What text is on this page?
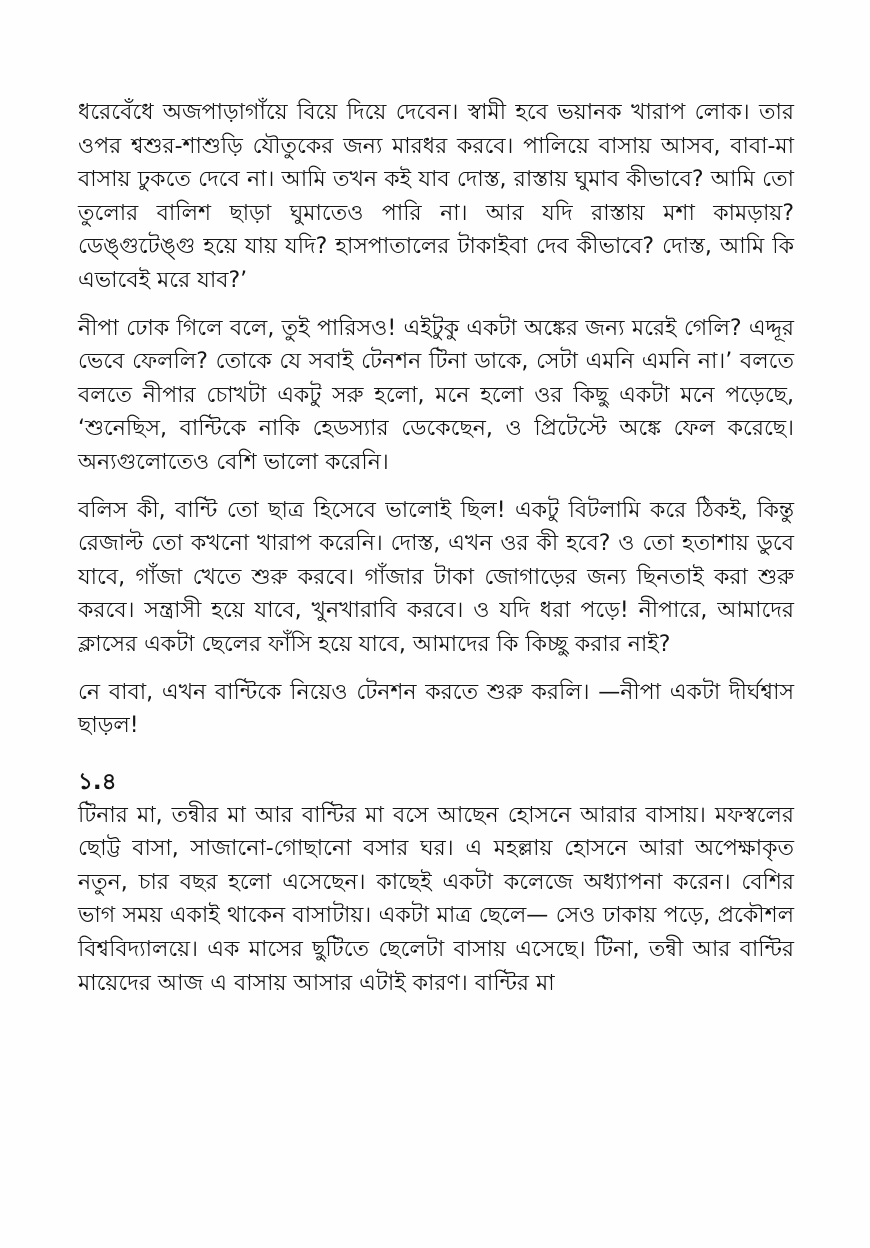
ধরেবেঁধে অজপাড়াগাঁয়ে বিয়ে দিয়ে দেবেন। স্বামী হবে ভয়ানক খারাপ লোক। তার ওপর শ্বশুর-শাশুড়ি যৌতুকের জন্য মারধর করবে। পালিয়ে বাসায় আসব, বাবা-মা বাসায় ঢুকতে দেবে না। আমি তখন কই যাব দোস্ত, রাস্তায় ঘুমাব কীভাবে? আমি তো তুলোর বালিশ ছাড়া ঘুমাতেও পারি না। আর যদি রাস্তায় মশা কামড়ায়? ডেঙ্গুটেঙ্গু হয়ে যায় যদি? হাসপাতালের টাকাইবা দেব কীভাবে? দোস্ত, আমি কি এভাবেই মরে যাব?’

নীপা ঢোক গিলে বলে, তুই পারিসও! এইটুকু একটা অঙ্কের জন্য মরেই গেলি? এদ্দূর ভেবে ফেললি? তোকে যে সবাই টেনশন টিনা ডাকে, সেটা এমনি এমনি না।’ বলতে বলতে নীপার চোখটা একটু সরু হলো, মনে হলো ওর কিছু একটা মনে পড়েছে, ‘শুনেছিস, বান্টিকে নাকি হেডস্যার ডেকেছেন, ও প্রিটেস্টে অঙ্কে ফেল করেছে। অন্যগুলোতেও বেশি ভালো করেনি।

বলিস কী, বান্টি তো ছাত্র হিসেবে ভালোই ছিল! একটু বিটলামি করে ঠিকই, কিন্তু রেজাল্ট তো কখনো খারাপ করেনি। দোস্ত, এখন ওর কী হবে? ও তো হতাশায় ডুবে যাবে, গাঁজা খেতে শুরু করবে। গাঁজার টাকা জোগাড়ের জন্য ছিনতাই করা শুরু করবে। সন্ত্রাসী হয়ে যাবে, খুনখারাবি করবে। ও যদি ধরা পড়ে! নীপারে, আমাদের ক্লাসের একটা ছেলের ফাঁসি হয়ে যাবে, আমাদের কি কিচ্ছু করার নাই?

নে বাবা, এখন বান্টিকে নিয়েও টেনশন করতে শুরু করলি। —নীপা একটা দীর্ঘশ্বাস ছাড়ল!

১.৪

টিনার মা, তন্বীর মা আর বান্টির মা বসে আছেন হোসনে আরার বাসায়। মফস্বলের ছোট্ট বাসা, সাজানো-গোছানো বসার ঘর। এ মহল্লায় হোসনে আরা অপেক্ষাকৃত নতুন, চার বছর হলো এসেছেন। কাছেই একটা কলেজে অধ্যাপনা করেন। বেশির ভাগ সময় একাই থাকেন বাসাটায়। একটা মাত্র ছেলে— সেও ঢাকায় পড়ে, প্রকৌশল বিশ্ববিদ্যালয়ে। এক মাসের ছুটিতে ছেলেটা বাসায় এসেছে। টিনা, তন্বী আর বান্টির মায়েদের আজ এ বাসায় আসার এটাই কারণ। বান্টির মা
